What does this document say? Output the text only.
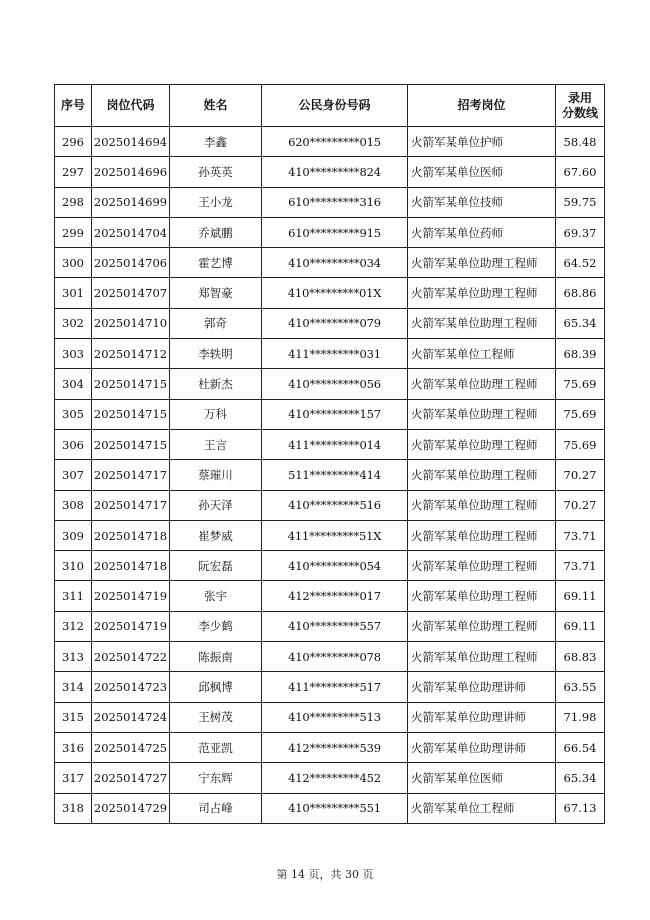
序号	岗位代码	姓名	公民身份号码	招考岗位	录用
分数线

296	2025014694	李鑫	620*********015	火箭军某单位护师	58.48
297	2025014696	孙英英	410*********824	火箭军某单位医师	67.60
298	2025014699	王小龙	610*********316	火箭军某单位技师	59.75
299	2025014704	乔斌鹏	610*********915	火箭军某单位药师	69.37
300	2025014706	霍艺博	410*********034	火箭军某单位助理工程师	64.52
301	2025014707	郑智豪	410*********01X	火箭军某单位助理工程师	68.86
302	2025014710	郭奇	410*********079	火箭军某单位助理工程师	65.34
303	2025014712	李轶明	411*********031	火箭军某单位工程师	68.39
304	2025014715	杜新杰	410*********056	火箭军某单位助理工程师	75.69
305	2025014715	万科	410*********157	火箭军某单位助理工程师	75.69
306	2025014715	王言	411*********014	火箭军某单位助理工程师	75.69
307	2025014717	蔡璀川	511*********414	火箭军某单位助理工程师	70.27
308	2025014717	孙天泽	410*********516	火箭军某单位助理工程师	70.27
309	2025014718	崔梦威	411*********51X	火箭军某单位助理工程师	73.71
310	2025014718	阮宏磊	410*********054	火箭军某单位助理工程师	73.71
311	2025014719	张宇	412*********017	火箭军某单位助理工程师	69.11
312	2025014719	李少鹤	410*********557	火箭军某单位助理工程师	69.11
313	2025014722	陈振南	410*********078	火箭军某单位助理工程师	68.83
314	2025014723	邱枫博	411*********517	火箭军某单位助理讲师	63.55
315	2025014724	王树茂	410*********513	火箭军某单位助理讲师	71.98
316	2025014725	范亚凯	412*********539	火箭军某单位助理讲师	66.54
317	2025014727	宁东辉	412*********452	火箭军某单位医师	65.34
318	2025014729	司占峰	410*********551	火箭军某单位工程师	67.13
第 14 页，共 30 页
